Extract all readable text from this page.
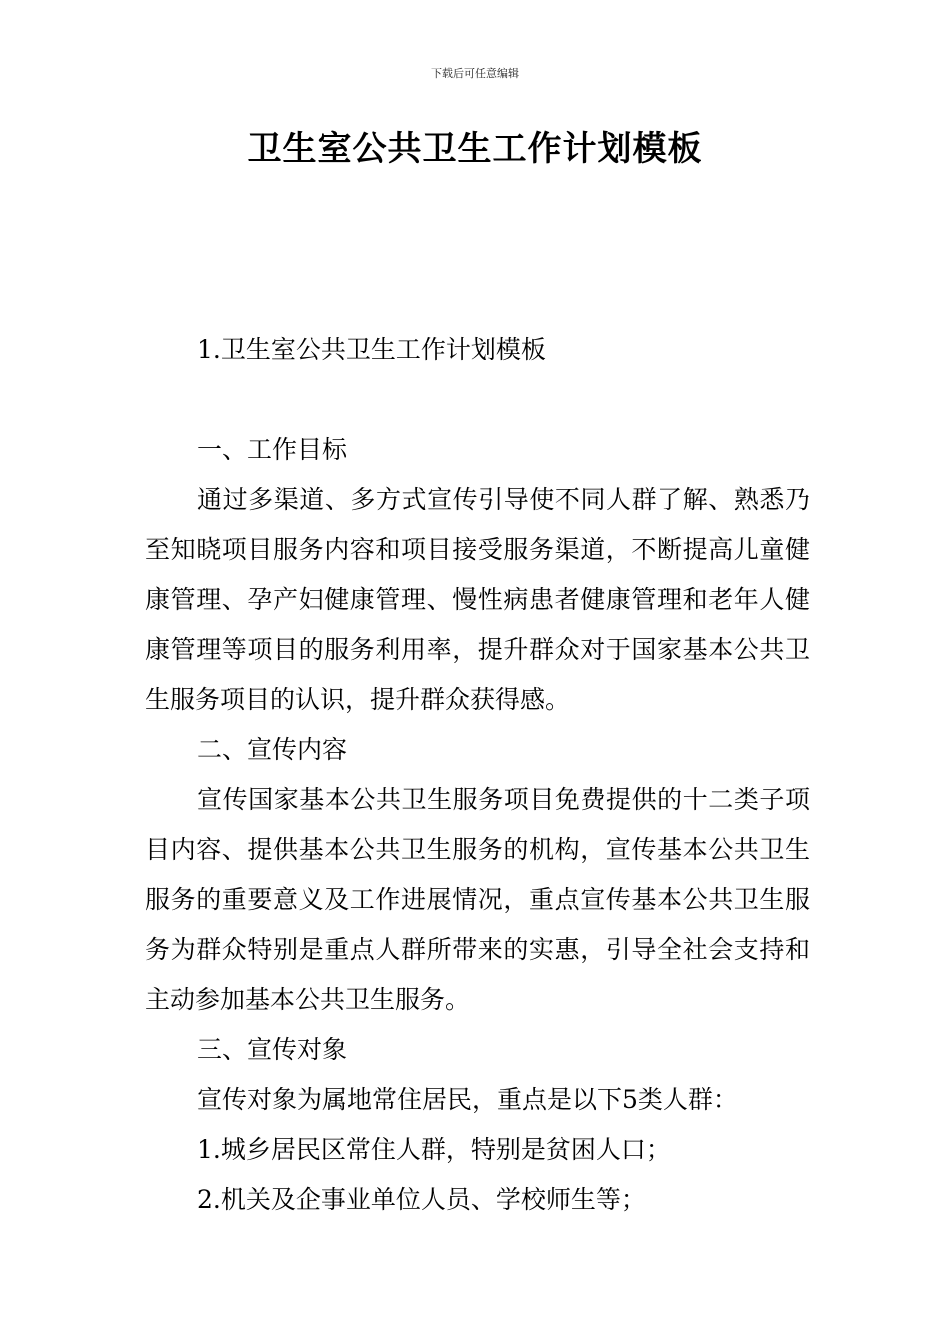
下载后可任意编辑
卫生室公共卫生工作计划模板

1.卫生室公共卫生工作计划模板

一、工作目标

通过多渠道、多方式宣传引导使不同人群了解、熟悉乃至知晓项目服务内容和项目接受服务渠道，不断提高儿童健康管理、孕产妇健康管理、慢性病患者健康管理和老年人健康管理等项目的服务利用率，提升群众对于国家基本公共卫生服务项目的认识，提升群众获得感。

二、宣传内容

宣传国家基本公共卫生服务项目免费提供的十二类子项目内容、提供基本公共卫生服务的机构，宣传基本公共卫生服务的重要意义及工作进展情况，重点宣传基本公共卫生服务为群众特别是重点人群所带来的实惠，引导全社会支持和主动参加基本公共卫生服务。

三、宣传对象

宣传对象为属地常住居民，重点是以下5类人群：

1.城乡居民区常住人群，特别是贫困人口；

2.机关及企事业单位人员、学校师生等；
